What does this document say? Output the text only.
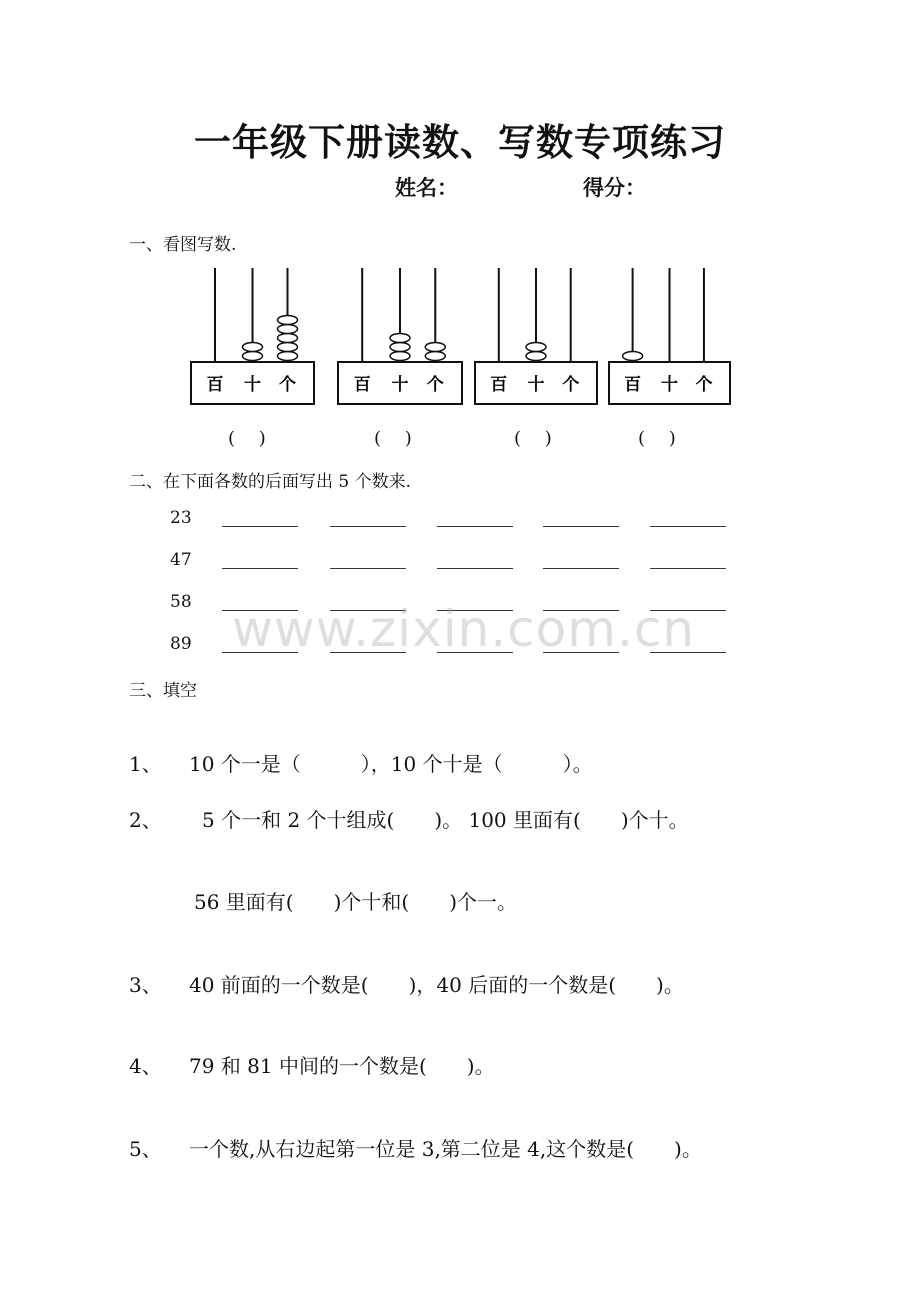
一年级下册读数、写数专项练习
姓名：	得分：
一、看图写数.
百 十 个	百 十 个	百 十 个	百 十 个
(　 )	(　 )	(　 )	(　 )
二、在下面各数的后面写出 5 个数来.
23
47
58
89 www.zixin.com.cn
三、填空
1、 10 个一是（　　　），10 个十是（　　　）。
2、 5 个一和 2 个十组成(　　)。 100 里面有(　　)个十。
56 里面有(　　)个十和(　　)个一。
3、 40 前面的一个数是(　　)，40 后面的一个数是(　　)。
4、 79 和 81 中间的一个数是(　　)。
5、 一个数,从右边起第一位是 3,第二位是 4,这个数是(　　)。
